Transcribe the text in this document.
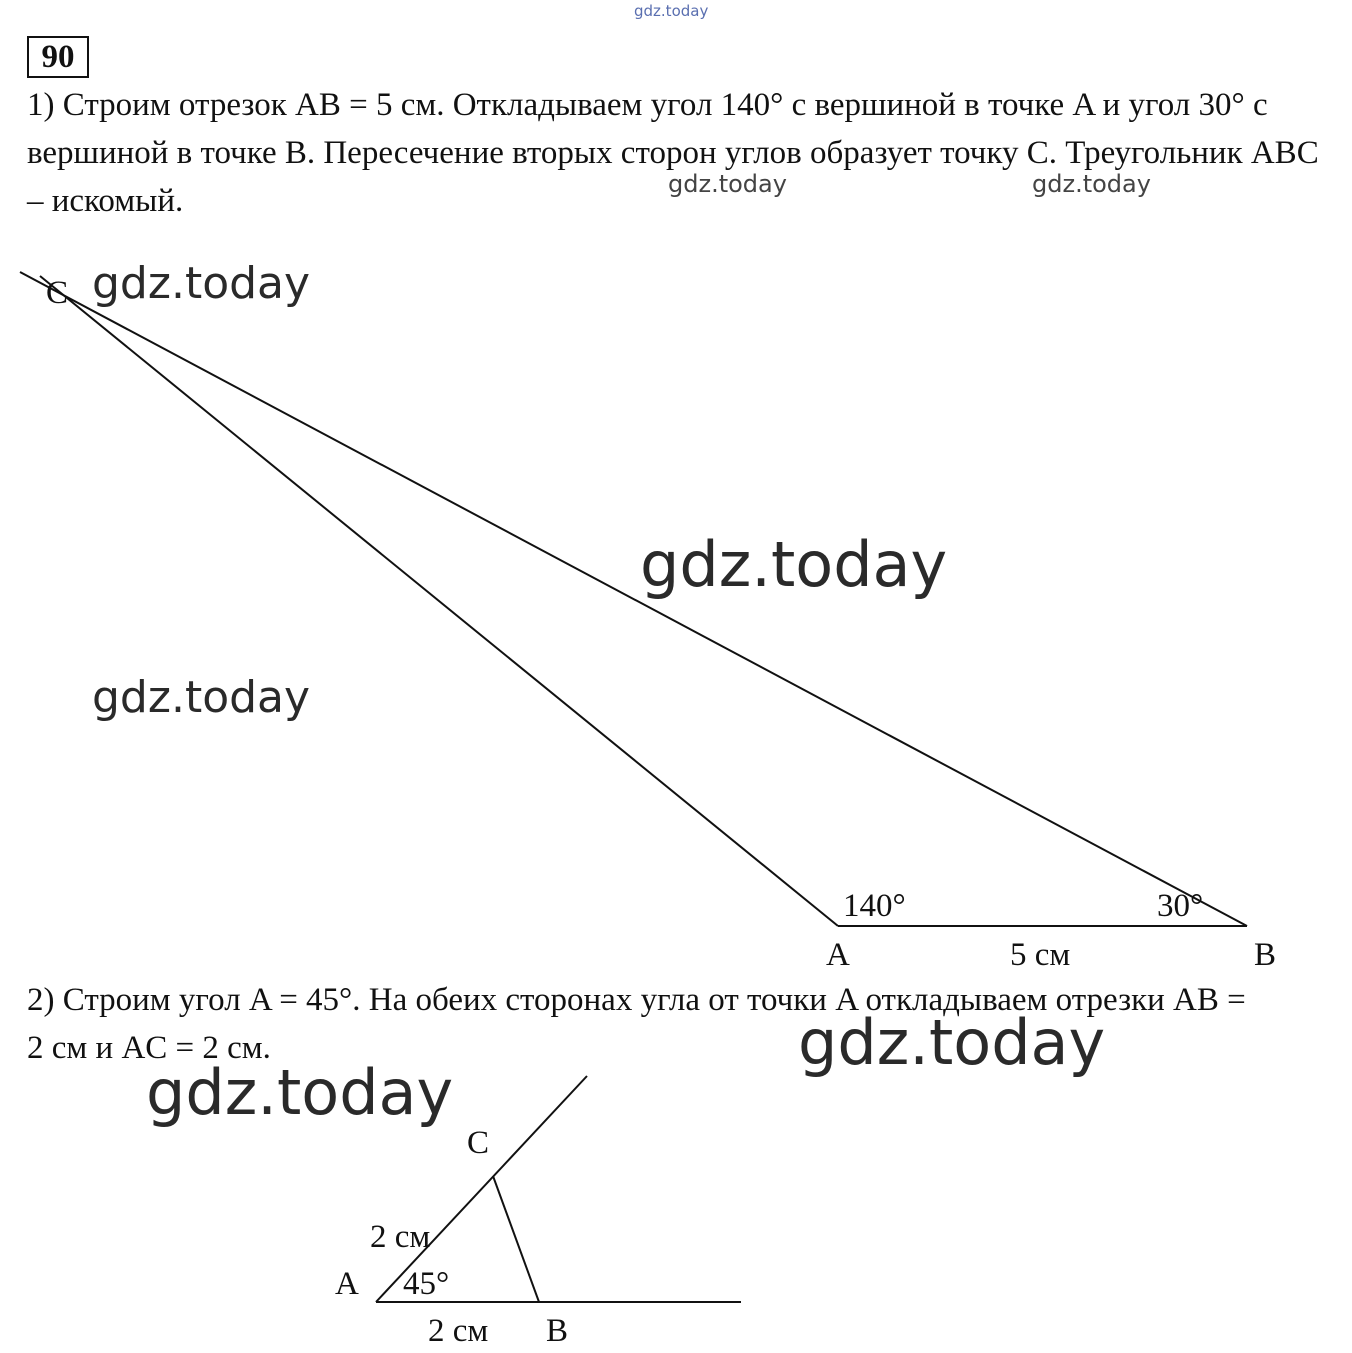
gdz.today
90

1) Строим отрезок AB = 5 см. Откладываем угол 140° с вершиной в точке A и угол 30° с вершиной в точке B. Пересечение вторых сторон углов образует точку C. Треугольник ABC – искомый.	gdz.today	gdz.today
C
140°	30°
A	5 см	B
C
2 см
A 45°
2 см B
gdz.today
gdz.today
gdz.today

2) Строим угол A = 45°. На обеих сторонах угла от точки A откладываем отрезки AB = 2 см и AC = 2 см.	gdz.today
gdz.today
